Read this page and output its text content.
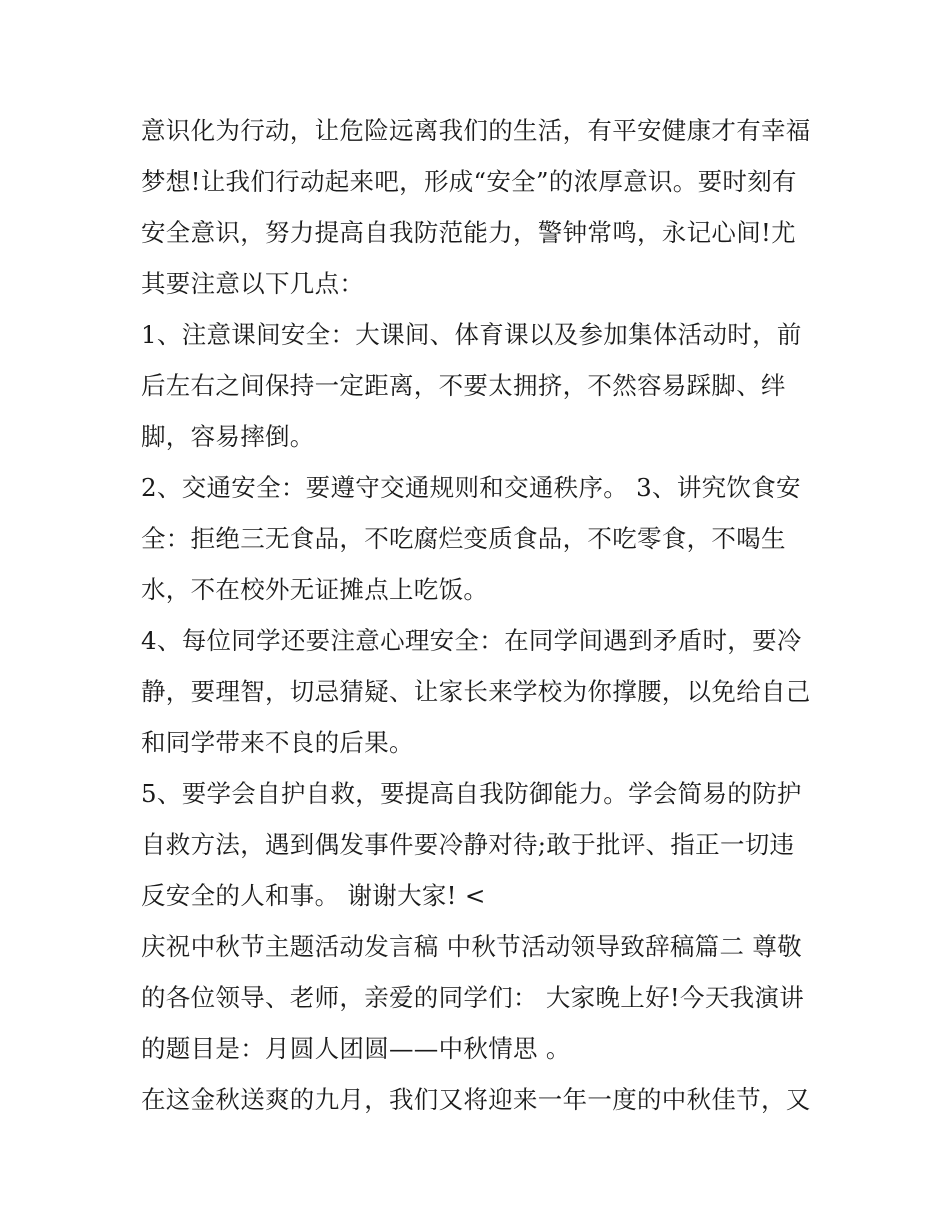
意识化为行动，让危险远离我们的生活，有平安健康才有幸福
梦想!让我们行动起来吧，形成“安全”的浓厚意识。要时刻有
安全意识，努力提高自我防范能力，警钟常鸣，永记心间!尤
其要注意以下几点：
1、注意课间安全：大课间、体育课以及参加集体活动时，前
后左右之间保持一定距离，不要太拥挤，不然容易踩脚、绊
脚，容易摔倒。
2、交通安全：要遵守交通规则和交通秩序。 3、讲究饮食安
全：拒绝三无食品，不吃腐烂变质食品，不吃零食，不喝生
水，不在校外无证摊点上吃饭。
4、每位同学还要注意心理安全：在同学间遇到矛盾时，要冷
静，要理智，切忌猜疑、让家长来学校为你撑腰，以免给自己
和同学带来不良的后果。
5、要学会自护自救，要提高自我防御能力。学会简易的防护
自救方法，遇到偶发事件要冷静对待;敢于批评、指正一切违
反安全的人和事。 谢谢大家! <
庆祝中秋节主题活动发言稿 中秋节活动领导致辞稿篇二 尊敬
的各位领导、老师，亲爱的同学们： 大家晚上好!今天我演讲
的题目是：月圆人团圆——中秋情思 。
在这金秋送爽的九月，我们又将迎来一年一度的中秋佳节，又
